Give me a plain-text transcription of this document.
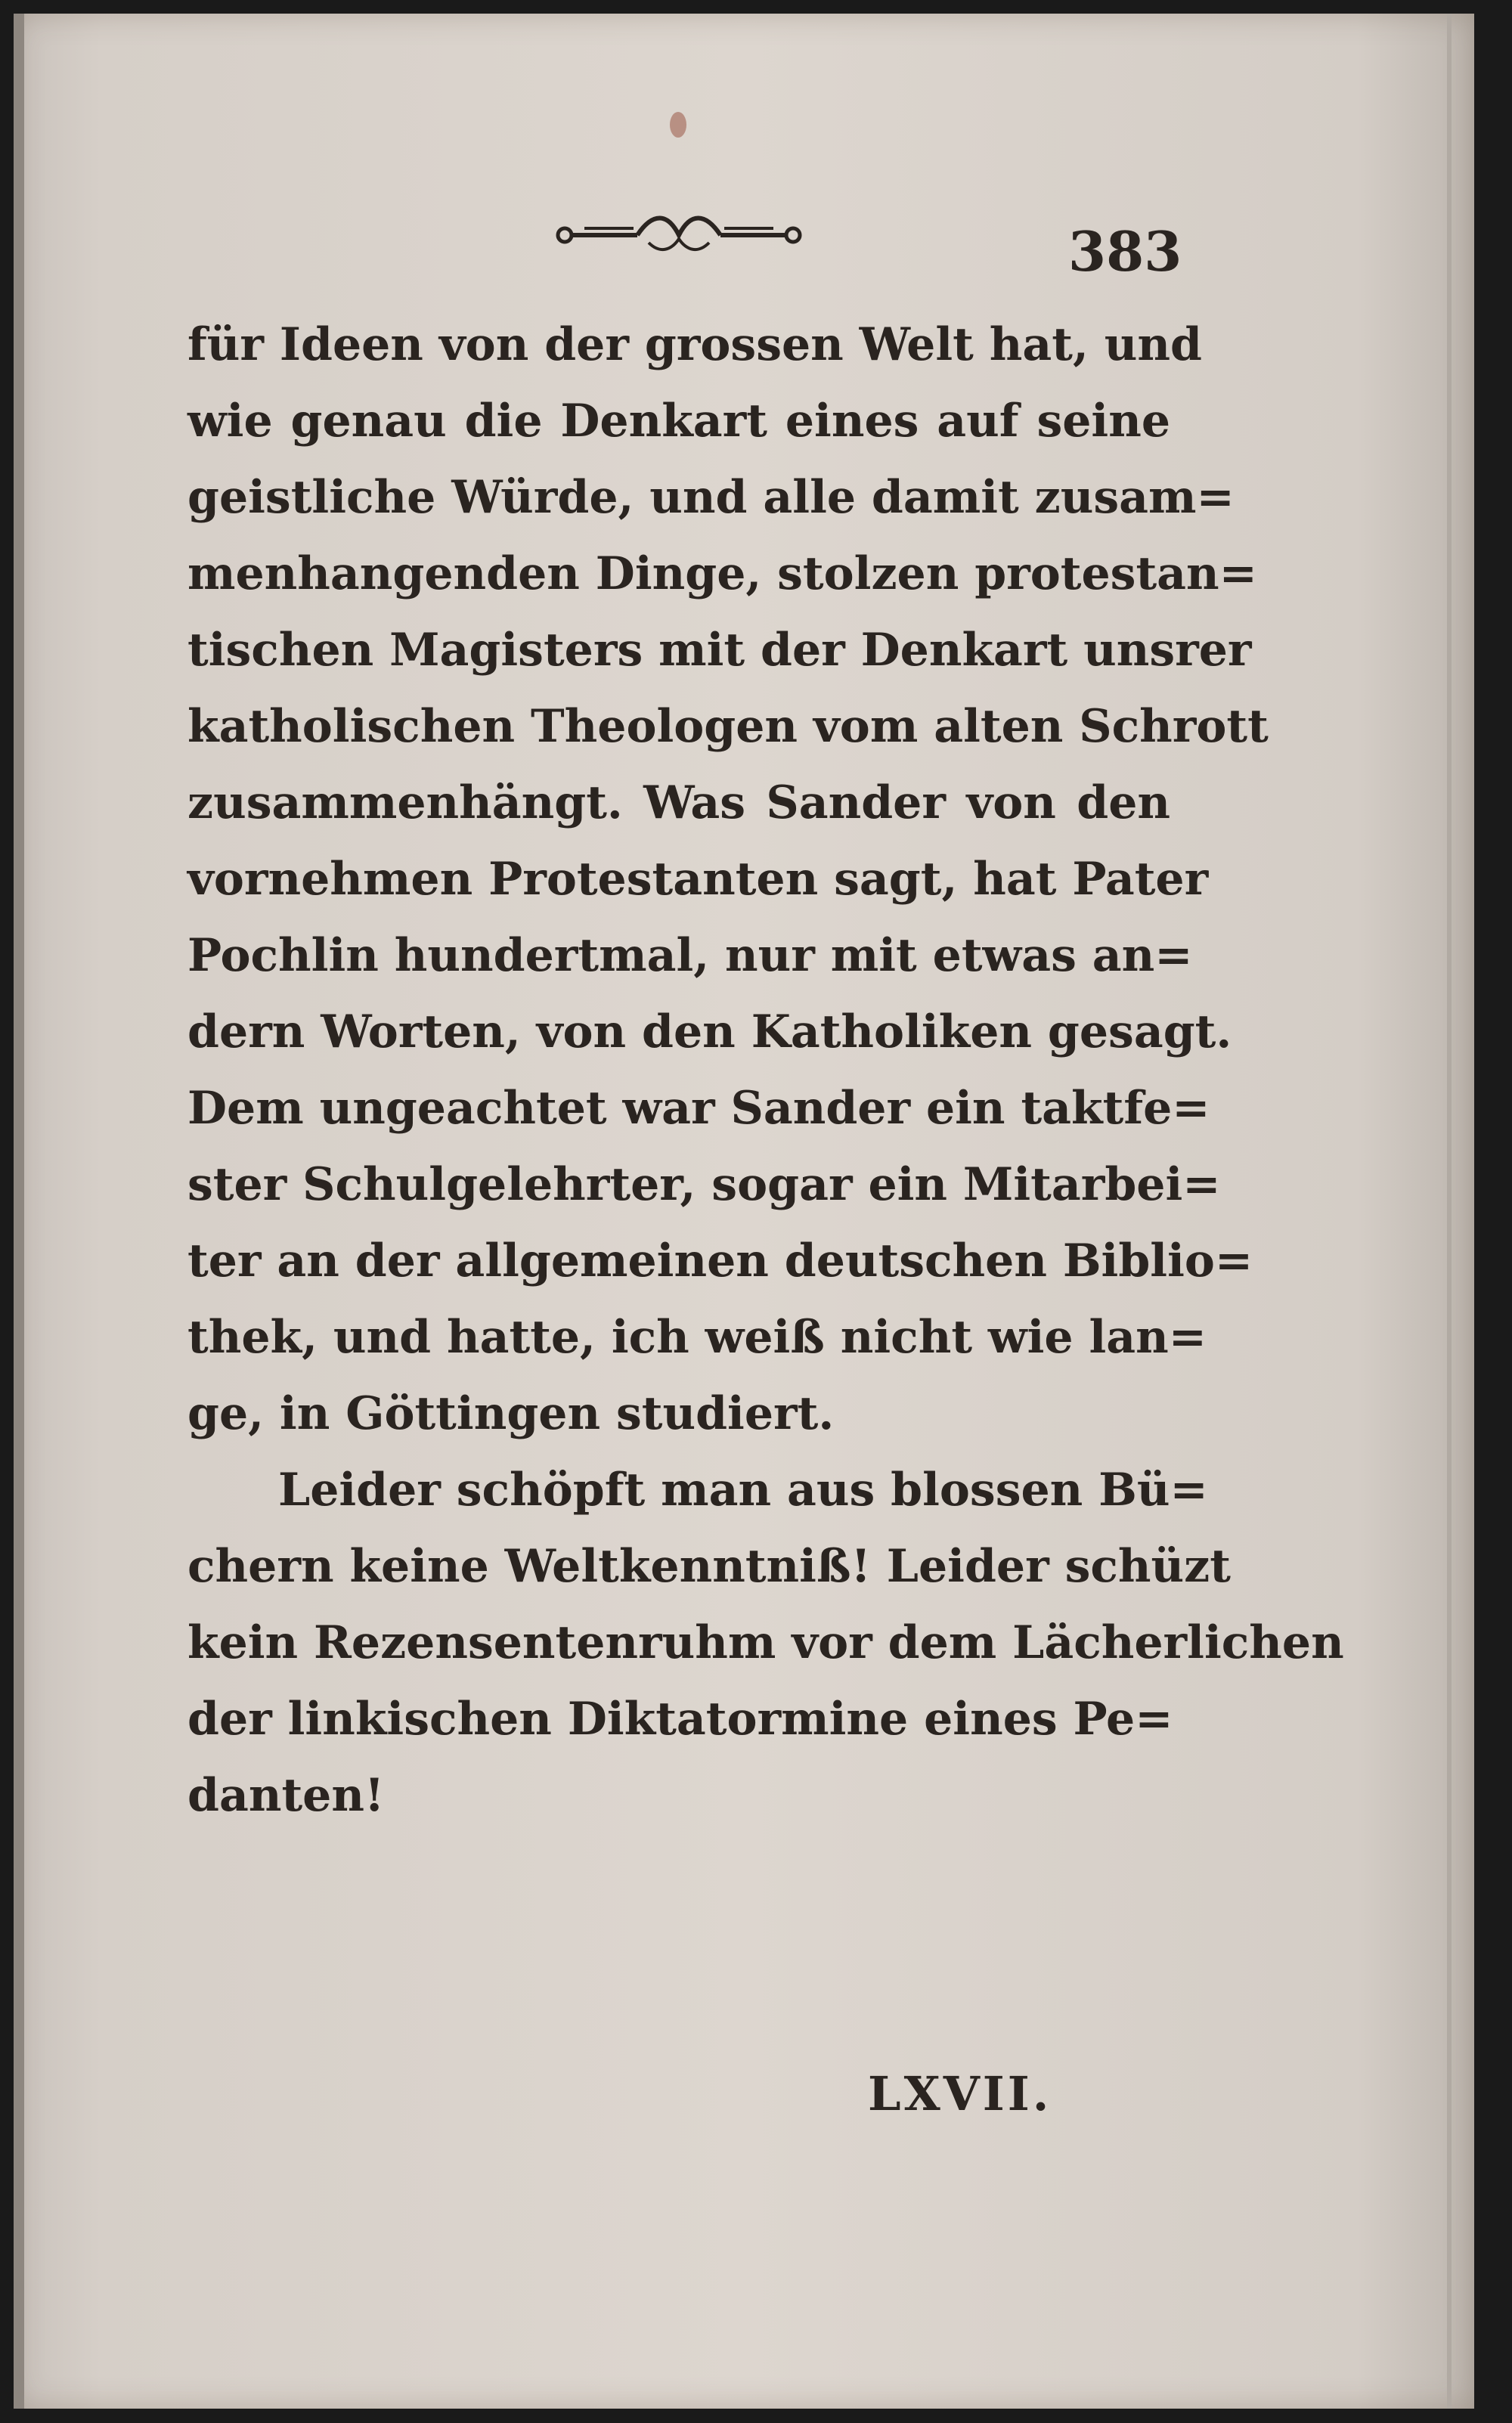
383
für Ideen von der grossen Welt hat, und
wie genau die Denkart eines auf seine
geistliche Würde, und alle damit zusam=
menhangenden Dinge, stolzen protestan=
tischen Magisters mit der Denkart unsrer
katholischen Theologen vom alten Schrott
zusammenhängt. Was Sander von den
vornehmen Protestanten sagt, hat Pater
Pochlin hundertmal, nur mit etwas an=
dern Worten, von den Katholiken gesagt.
Dem ungeachtet war Sander ein taktfe=
ster Schulgelehrter, sogar ein Mitarbei=
ter an der allgemeinen deutschen Biblio=
thek, und hatte, ich weiß nicht wie lan=
ge, in Göttingen studiert.
Leider schöpft man aus blossen Bü=
chern keine Weltkenntniß! Leider schüzt
kein Rezensentenruhm vor dem Lächerlichen
der linkischen Diktatormine eines Pe=
danten!
LXVII.
